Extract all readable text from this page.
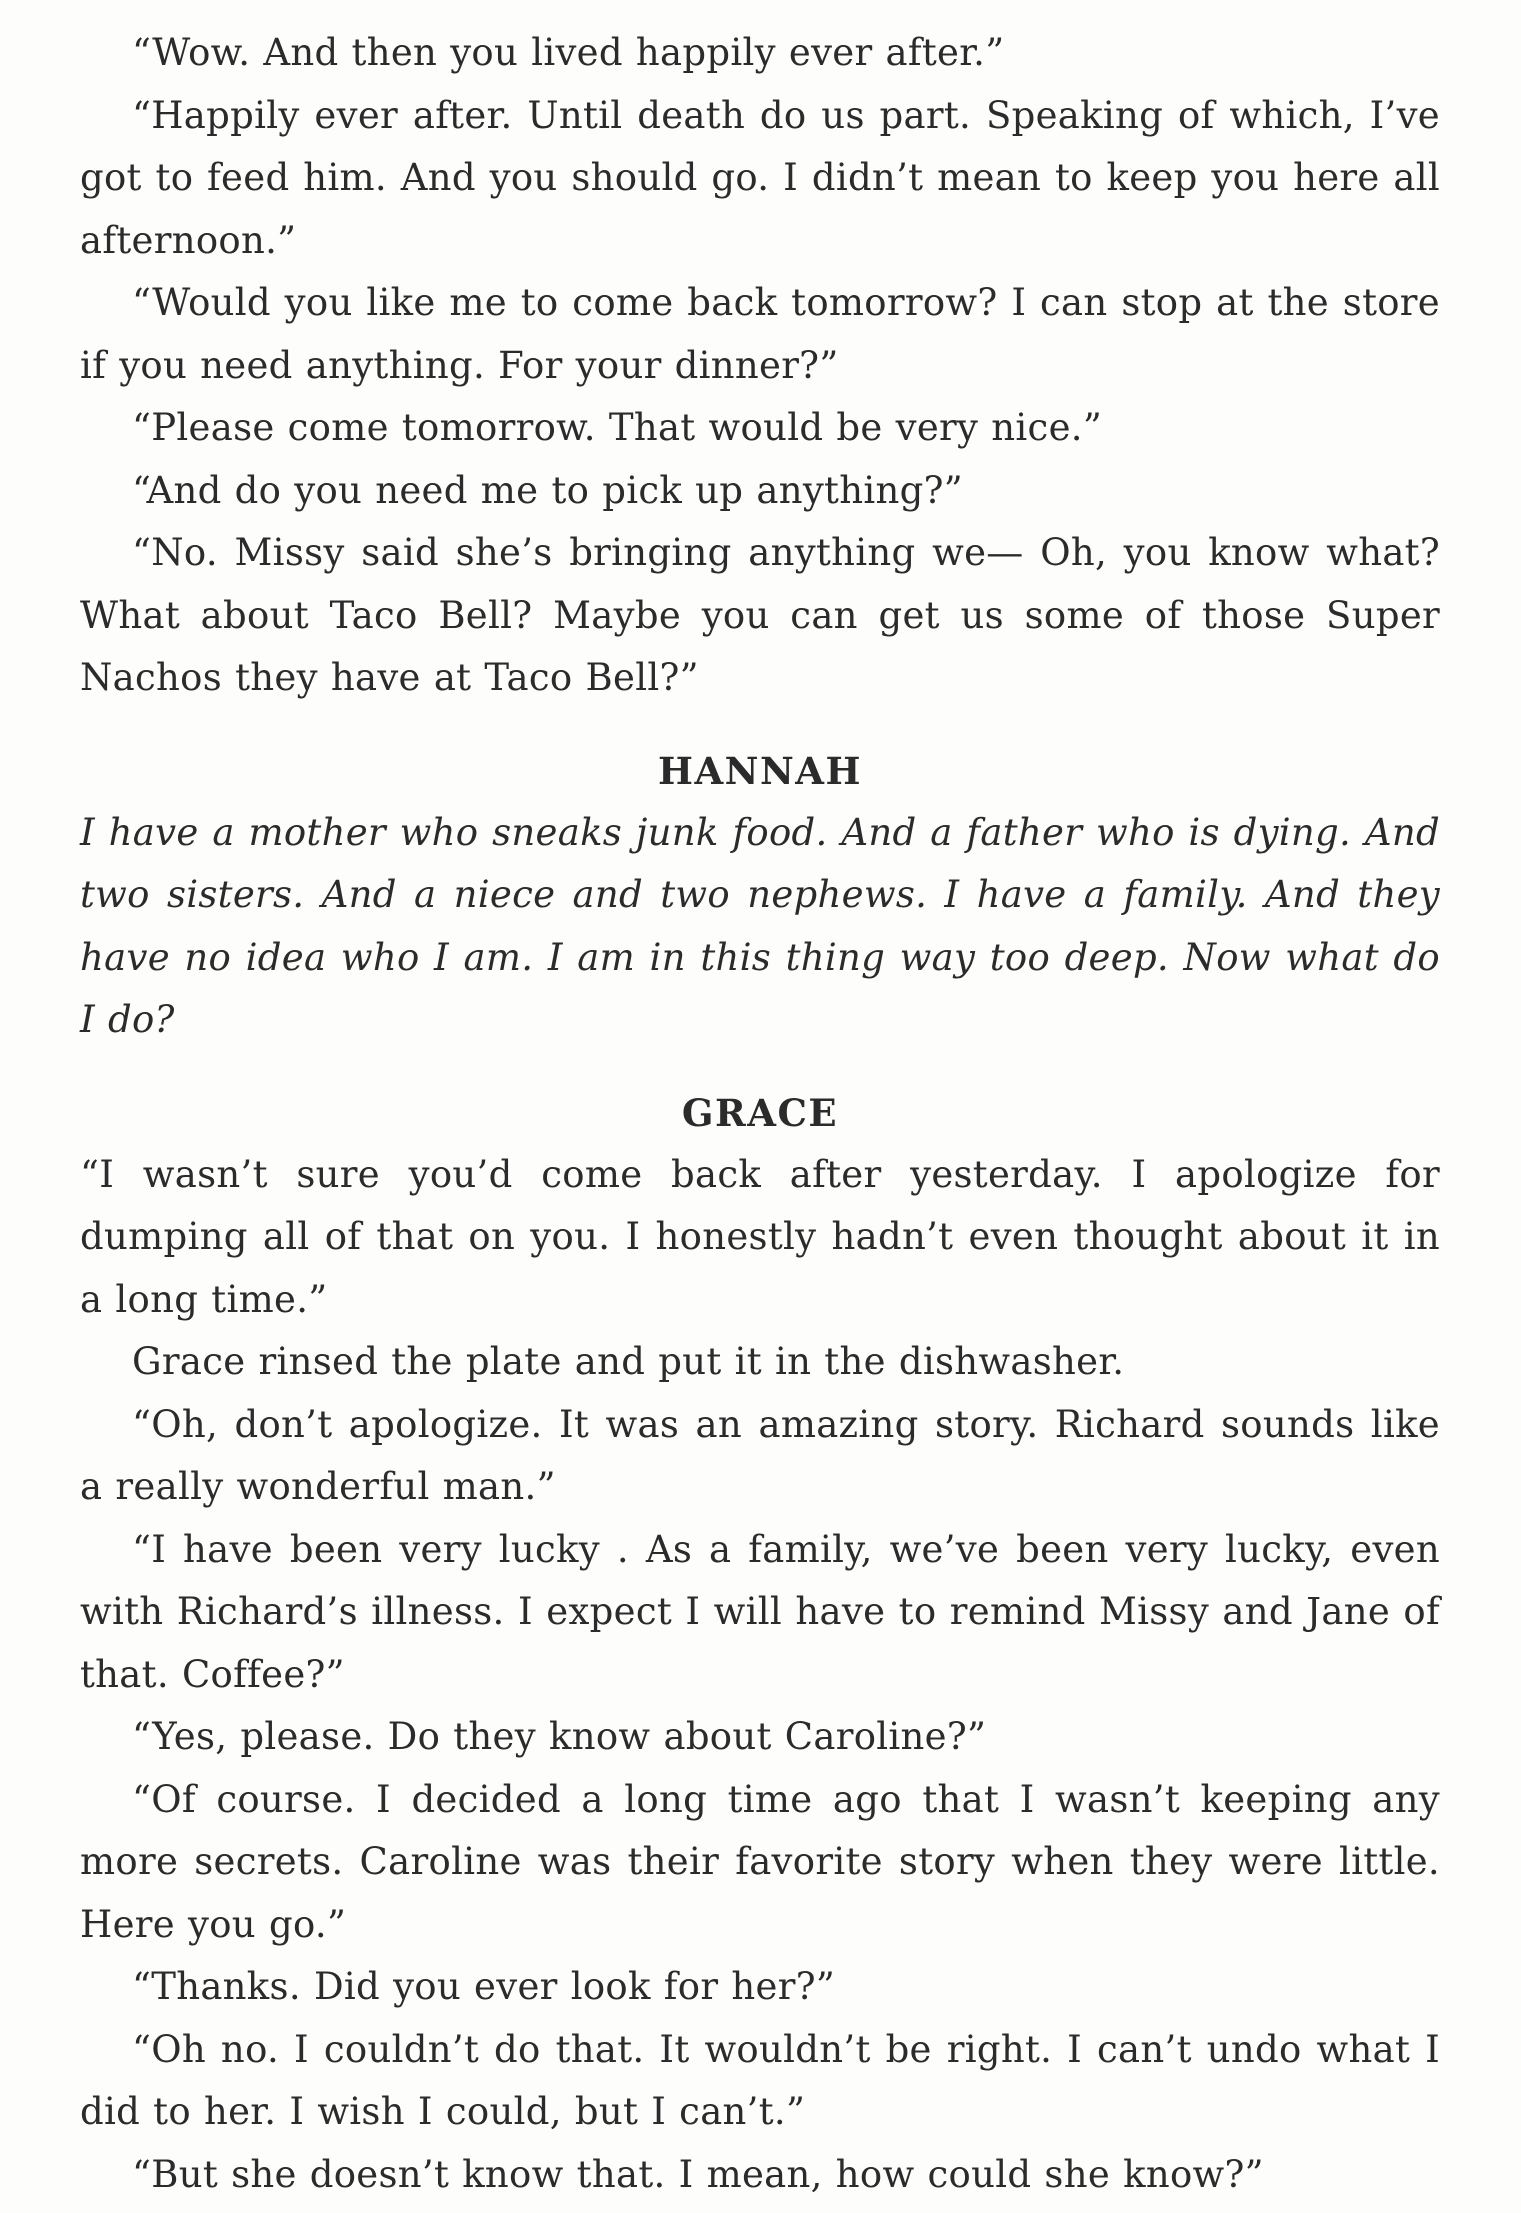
“Wow. And then you lived happily ever after.”

“Happily ever after. Until death do us part. Speaking of which, I’ve got to feed him. And you should go. I didn’t mean to keep you here all afternoon.”

“Would you like me to come back tomorrow? I can stop at the store if you need anything. For your dinner?”

“Please come tomorrow. That would be very nice.”

“And do you need me to pick up anything?”

“No. Missy said she’s bringing anything we— Oh, you know what? What about Taco Bell? Maybe you can get us some of those Super Nachos they have at Taco Bell?”

HANNAH

I have a mother who sneaks junk food. And a father who is dying. And two sisters. And a niece and two nephews. I have a family. And they have no idea who I am. I am in this thing way too deep. Now what do I do?

GRACE

“I wasn’t sure you’d come back after yesterday. I apologize for dumping all of that on you. I honestly hadn’t even thought about it in a long time.”

Grace rinsed the plate and put it in the dishwasher.

“Oh, don’t apologize. It was an amazing story. Richard sounds like a really wonderful man.”

“I have been very lucky . As a family, we’ve been very lucky, even with Richard’s illness. I expect I will have to remind Missy and Jane of that. Coffee?”

“Yes, please. Do they know about Caroline?”

“Of course. I decided a long time ago that I wasn’t keeping any more secrets. Caroline was their favorite story when they were little. Here you go.”

“Thanks. Did you ever look for her?”

“Oh no. I couldn’t do that. It wouldn’t be right. I can’t undo what I did to her. I wish I could, but I can’t.”

“But she doesn’t know that. I mean, how could she know?”
